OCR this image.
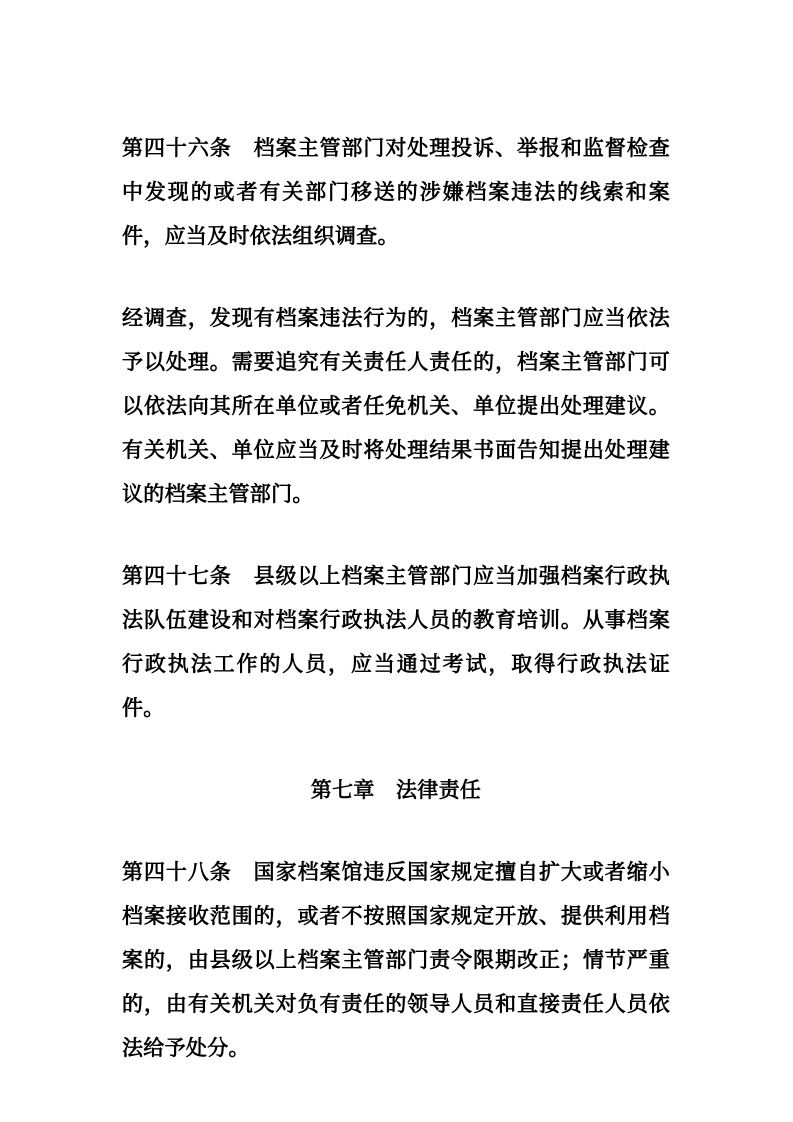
第四十六条　档案主管部门对处理投诉、举报和监督检查中发现的或者有关部门移送的涉嫌档案违法的线索和案件，应当及时依法组织调查。

经调查，发现有档案违法行为的，档案主管部门应当依法予以处理。需要追究有关责任人责任的，档案主管部门可以依法向其所在单位或者任免机关、单位提出处理建议。有关机关、单位应当及时将处理结果书面告知提出处理建议的档案主管部门。

第四十七条　县级以上档案主管部门应当加强档案行政执法队伍建设和对档案行政执法人员的教育培训。从事档案行政执法工作的人员，应当通过考试，取得行政执法证件。

第七章　法律责任

第四十八条　国家档案馆违反国家规定擅自扩大或者缩小档案接收范围的，或者不按照国家规定开放、提供利用档案的，由县级以上档案主管部门责令限期改正；情节严重的，由有关机关对负有责任的领导人员和直接责任人员依法给予处分。
